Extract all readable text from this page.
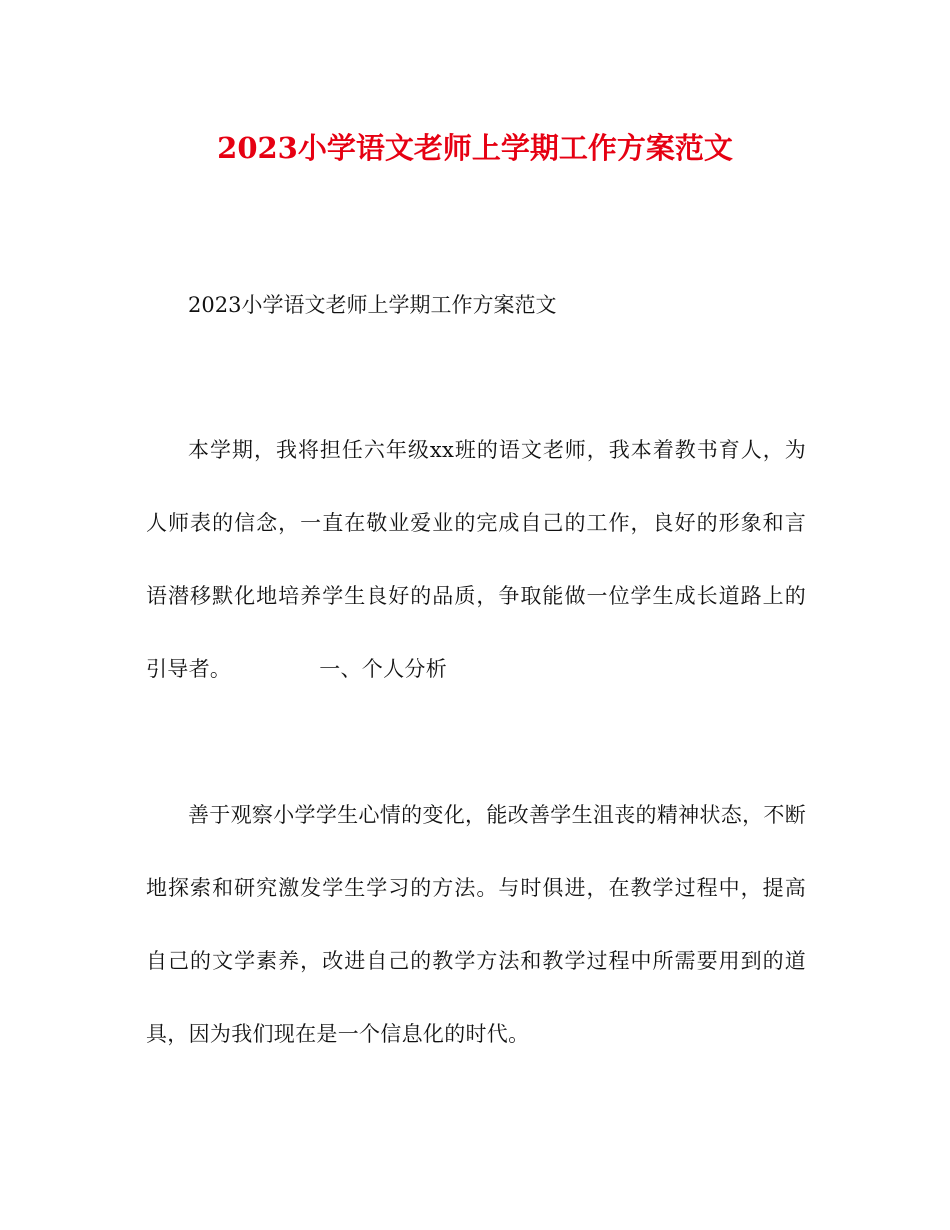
2023小学语文老师上学期工作方案范文

2023小学语文老师上学期工作方案范文

本学期，我将担任六年级xx班的语文老师，我本着教书育人，为人师表的信念，一直在敬业爱业的完成自己的工作，良好的形象和言语潜移默化地培养学生良好的品质，争取能做一位学生成长道路上的引导者。	一、个人分析

善于观察小学学生心情的变化，能改善学生沮丧的精神状态，不断地探索和研究激发学生学习的方法。与时俱进，在教学过程中，提高自己的文学素养，改进自己的教学方法和教学过程中所需要用到的道具，因为我们现在是一个信息化的时代。
